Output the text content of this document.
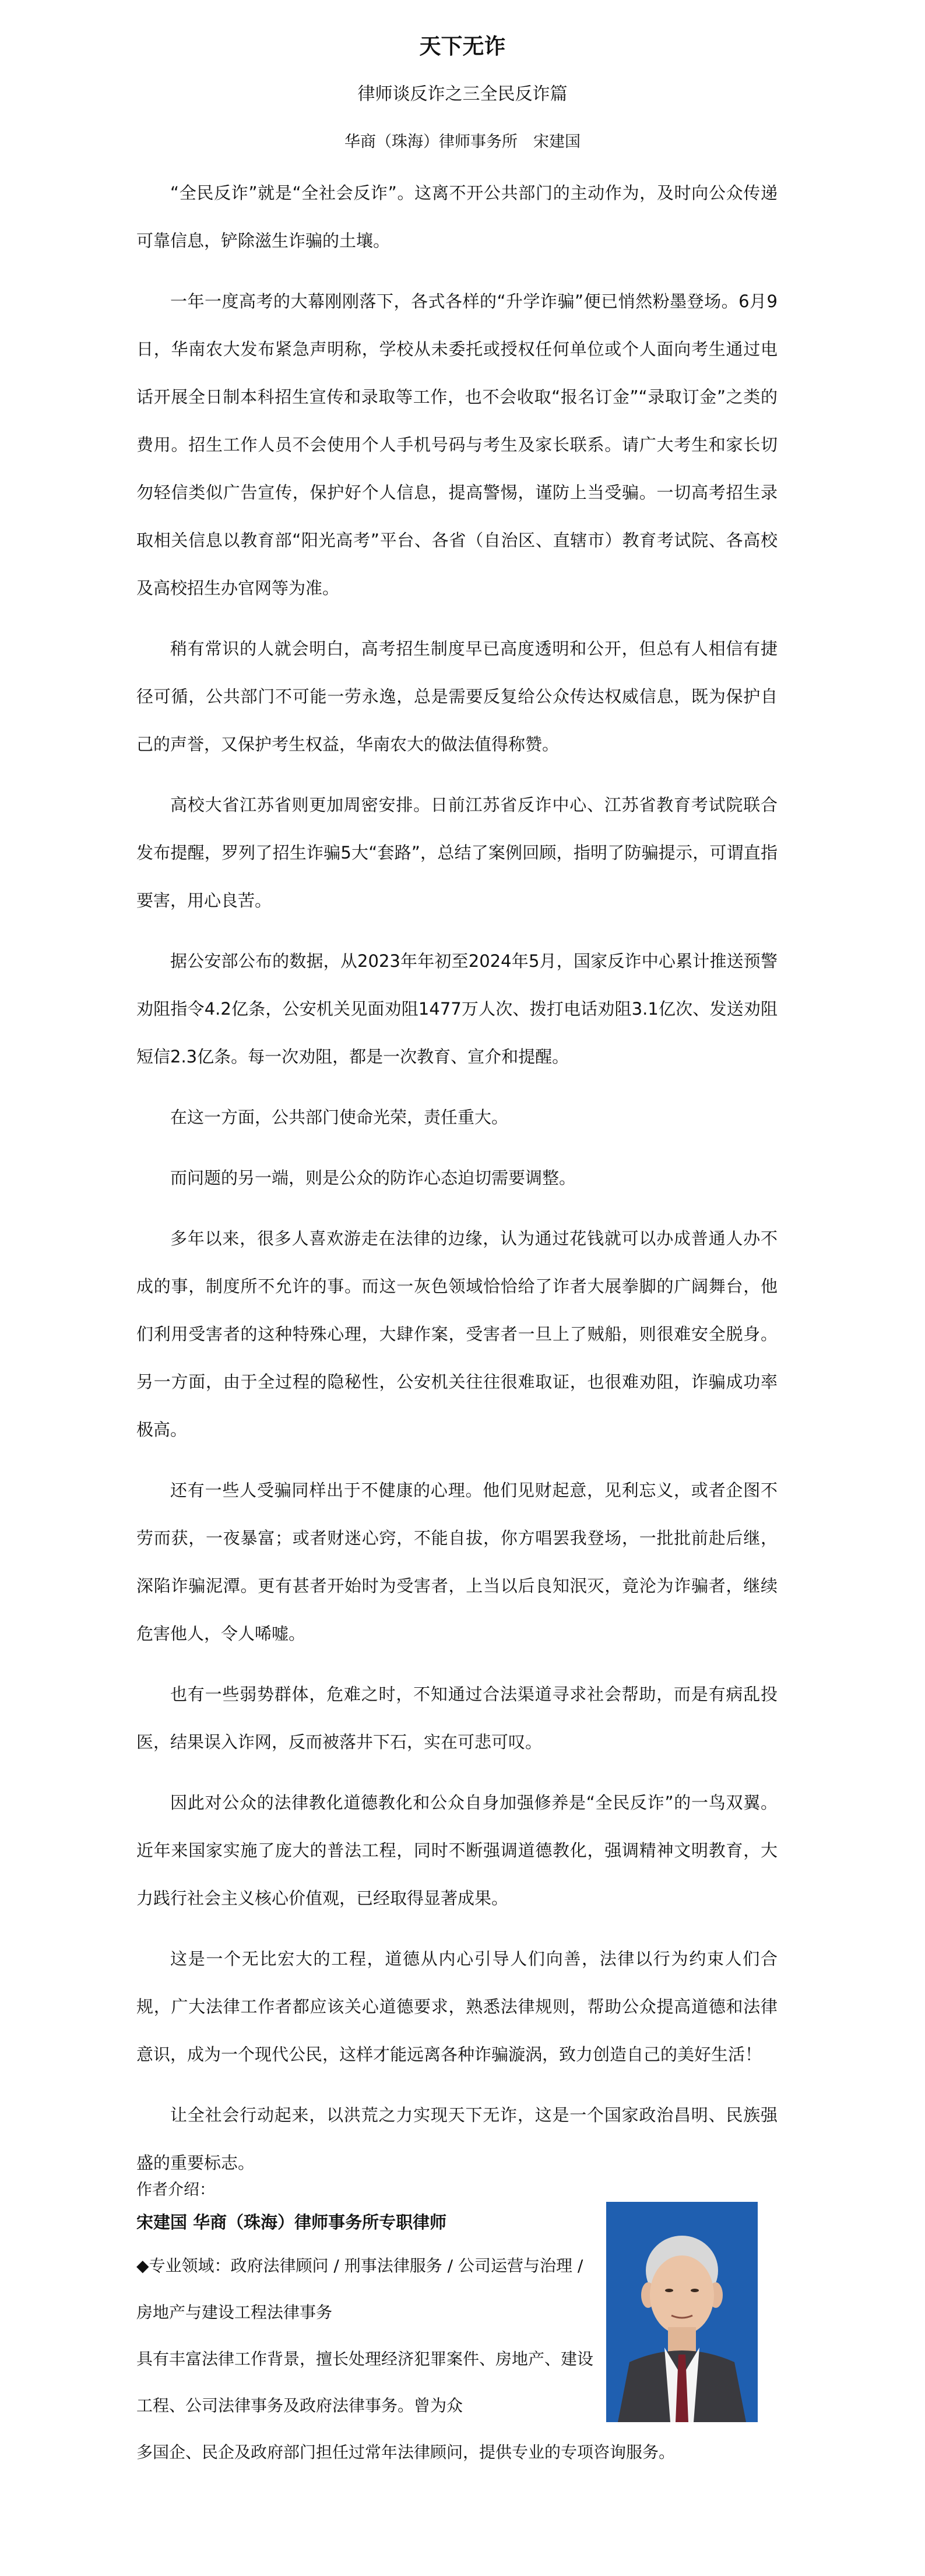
天下无诈
律师谈反诈之三全民反诈篇
华商（珠海）律师事务所　宋建国

“全民反诈”就是“全社会反诈”。这离不开公共部门的主动作为，及时向公众传递可靠信息，铲除滋生诈骗的土壤。

一年一度高考的大幕刚刚落下，各式各样的“升学诈骗”便已悄然粉墨登场。6月9日，华南农大发布紧急声明称，学校从未委托或授权任何单位或个人面向考生通过电话开展全日制本科招生宣传和录取等工作，也不会收取“报名订金”“录取订金”之类的费用。招生工作人员不会使用个人手机号码与考生及家长联系。请广大考生和家长切勿轻信类似广告宣传，保护好个人信息，提高警惕，谨防上当受骗。一切高考招生录取相关信息以教育部“阳光高考”平台、各省（自治区、直辖市）教育考试院、各高校及高校招生办官网等为准。

稍有常识的人就会明白，高考招生制度早已高度透明和公开，但总有人相信有捷径可循，公共部门不可能一劳永逸，总是需要反复给公众传达权威信息，既为保护自己的声誉，又保护考生权益，华南农大的做法值得称赞。

高校大省江苏省则更加周密安排。日前江苏省反诈中心、江苏省教育考试院联合发布提醒，罗列了招生诈骗5大“套路”，总结了案例回顾，指明了防骗提示，可谓直指要害，用心良苦。

据公安部公布的数据，从2023年年初至2024年5月，国家反诈中心累计推送预警劝阻指令4.2亿条，公安机关见面劝阻1477万人次、拨打电话劝阻3.1亿次、发送劝阻短信2.3亿条。每一次劝阻，都是一次教育、宣介和提醒。

在这一方面，公共部门使命光荣，责任重大。

而问题的另一端，则是公众的防诈心态迫切需要调整。

多年以来，很多人喜欢游走在法律的边缘，认为通过花钱就可以办成普通人办不成的事，制度所不允许的事。而这一灰色领域恰恰给了诈者大展拳脚的广阔舞台，他们利用受害者的这种特殊心理，大肆作案，受害者一旦上了贼船，则很难安全脱身。另一方面，由于全过程的隐秘性，公安机关往往很难取证，也很难劝阻，诈骗成功率极高。

还有一些人受骗同样出于不健康的心理。他们见财起意，见利忘义，或者企图不劳而获，一夜暴富；或者财迷心窍，不能自拔，你方唱罢我登场，一批批前赴后继，深陷诈骗泥潭。更有甚者开始时为受害者，上当以后良知泯灭，竟沦为诈骗者，继续危害他人，令人唏嘘。

也有一些弱势群体，危难之时，不知通过合法渠道寻求社会帮助，而是有病乱投医，结果误入诈网，反而被落井下石，实在可悲可叹。

因此对公众的法律教化道德教化和公众自身加强修养是“全民反诈”的一鸟双翼。近年来国家实施了庞大的普法工程，同时不断强调道德教化，强调精神文明教育，大力践行社会主义核心价值观，已经取得显著成果。

这是一个无比宏大的工程，道德从内心引导人们向善，法律以行为约束人们合规，广大法律工作者都应该关心道德要求，熟悉法律规则，帮助公众提高道德和法律意识，成为一个现代公民，这样才能远离各种诈骗漩涡，致力创造自己的美好生活！

让全社会行动起来，以洪荒之力实现天下无诈，这是一个国家政治昌明、民族强盛的重要标志。

作者介绍：

宋建国 华商（珠海）律师事务所专职律师

◆专业领域：政府法律顾问 / 刑事法律服务 / 公司运营与治理 / 房地产与建设工程法律事务

具有丰富法律工作背景，擅长处理经济犯罪案件、房地产、建设工程、公司法律事务及政府法律事务。曾为众

多国企、民企及政府部门担任过常年法律顾问，提供专业的专项咨询服务。
